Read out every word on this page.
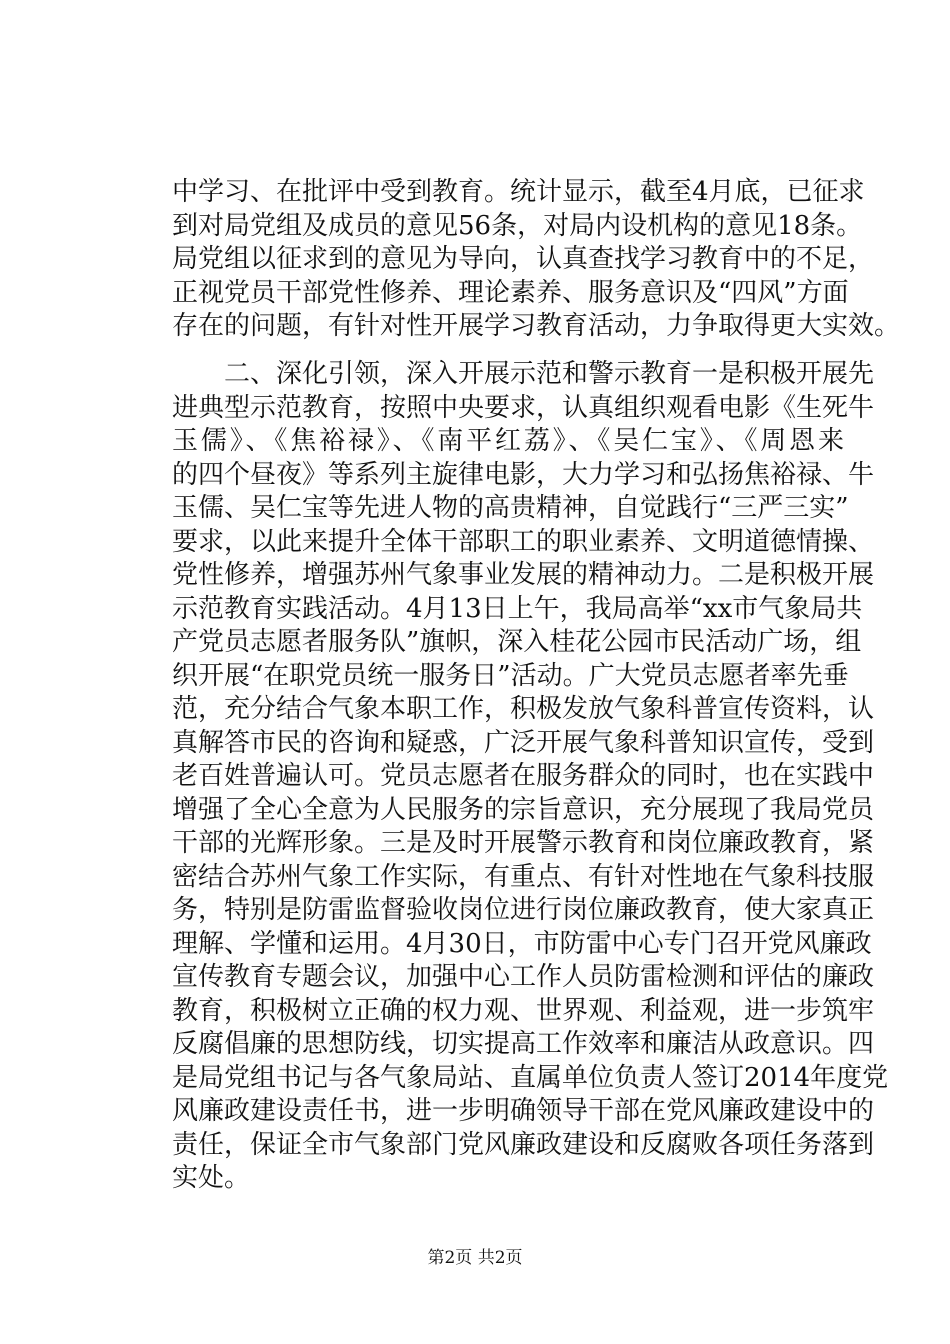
中学习、在批评中受到教育。统计显示，截至4月底，已征求
到对局党组及成员的意见56条，对局内设机构的意见18条。
局党组以征求到的意见为导向，认真查找学习教育中的不足，
正视党员干部党性修养、理论素养、服务意识及“四风”方面
存在的问题，有针对性开展学习教育活动，力争取得更大实效。
　　二、深化引领，深入开展示范和警示教育一是积极开展先
进典型示范教育，按照中央要求，认真组织观看电影《生死牛
玉儒》、《焦裕禄》、《南平红荔》、《吴仁宝》、《周恩来
的四个昼夜》等系列主旋律电影，大力学习和弘扬焦裕禄、牛
玉儒、吴仁宝等先进人物的高贵精神，自觉践行“三严三实”
要求，以此来提升全体干部职工的职业素养、文明道德情操、
党性修养，增强苏州气象事业发展的精神动力。二是积极开展
示范教育实践活动。4月13日上午，我局高举“xx市气象局共
产党员志愿者服务队”旗帜，深入桂花公园市民活动广场，组
织开展“在职党员统一服务日”活动。广大党员志愿者率先垂
范，充分结合气象本职工作，积极发放气象科普宣传资料，认
真解答市民的咨询和疑惑，广泛开展气象科普知识宣传，受到
老百姓普遍认可。党员志愿者在服务群众的同时，也在实践中
增强了全心全意为人民服务的宗旨意识，充分展现了我局党员
干部的光辉形象。三是及时开展警示教育和岗位廉政教育，紧
密结合苏州气象工作实际，有重点、有针对性地在气象科技服
务，特别是防雷监督验收岗位进行岗位廉政教育，使大家真正
理解、学懂和运用。4月30日，市防雷中心专门召开党风廉政
宣传教育专题会议，加强中心工作人员防雷检测和评估的廉政
教育，积极树立正确的权力观、世界观、利益观，进一步筑牢
反腐倡廉的思想防线，切实提高工作效率和廉洁从政意识。四
是局党组书记与各气象局站、直属单位负责人签订2014年度党
风廉政建设责任书，进一步明确领导干部在党风廉政建设中的
责任，保证全市气象部门党风廉政建设和反腐败各项任务落到
实处。
第2页 共2页
